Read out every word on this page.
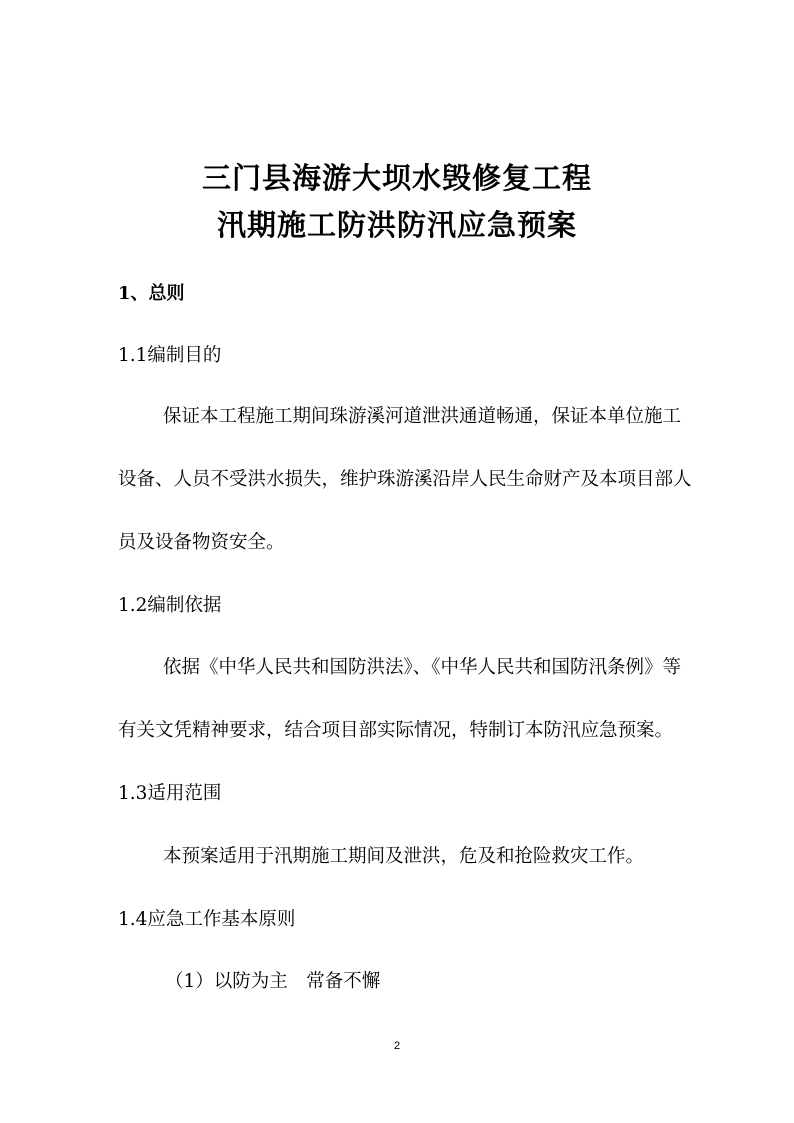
三门县海游大坝水毁修复工程
汛期施工防洪防汛应急预案
1、总则
1.1编制目的
保证本工程施工期间珠游溪河道泄洪通道畅通，保证本单位施工
设备、人员不受洪水损失，维护珠游溪沿岸人民生命财产及本项目部人
员及设备物资安全。
1.2编制依据
依据《中华人民共和国防洪法》、《中华人民共和国防汛条例》等
有关文凭精神要求，结合项目部实际情况，特制订本防汛应急预案。
1.3适用范围
本预案适用于汛期施工期间及泄洪，危及和抢险救灾工作。
1.4应急工作基本原则
（1）以防为主　常备不懈
2
